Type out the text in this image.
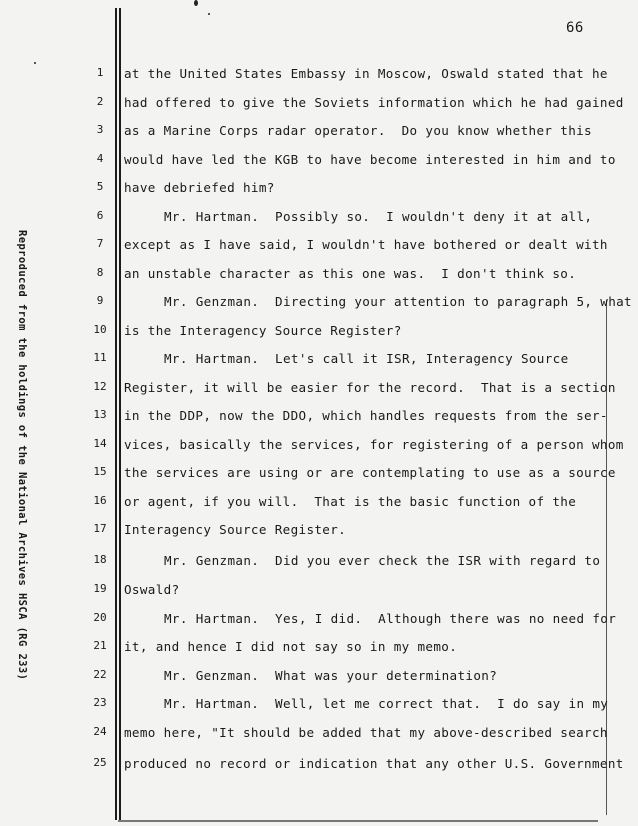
66
Reproduced from the holdings of the National Archives HSCA (RG 233)
1
2
3
4
5
6
7
8
9
10
11
12
13
14
15
16
17
18
19
20
21
22
23
24
25
at the United States Embassy in Moscow, Oswald stated that he
had offered to give the Soviets information which he had gained
as a Marine Corps radar operator.  Do you know whether this
would have led the KGB to have become interested in him and to
have debriefed him?
Mr. Hartman.  Possibly so.  I wouldn't deny it at all,
except as I have said, I wouldn't have bothered or dealt with
an unstable character as this one was.  I don't think so.
Mr. Genzman.  Directing your attention to paragraph 5, what
is the Interagency Source Register?
Mr. Hartman.  Let's call it ISR, Interagency Source
Register, it will be easier for the record.  That is a section
in the DDP, now the DDO, which handles requests from the ser-
vices, basically the services, for registering of a person whom
the services are using or are contemplating to use as a source
or agent, if you will.  That is the basic function of the
Interagency Source Register.
Mr. Genzman.  Did you ever check the ISR with regard to
Oswald?
Mr. Hartman.  Yes, I did.  Although there was no need for
it, and hence I did not say so in my memo.
Mr. Genzman.  What was your determination?
Mr. Hartman.  Well, let me correct that.  I do say in my
memo here, "It should be added that my above-described search
produced no record or indication that any other U.S. Government
